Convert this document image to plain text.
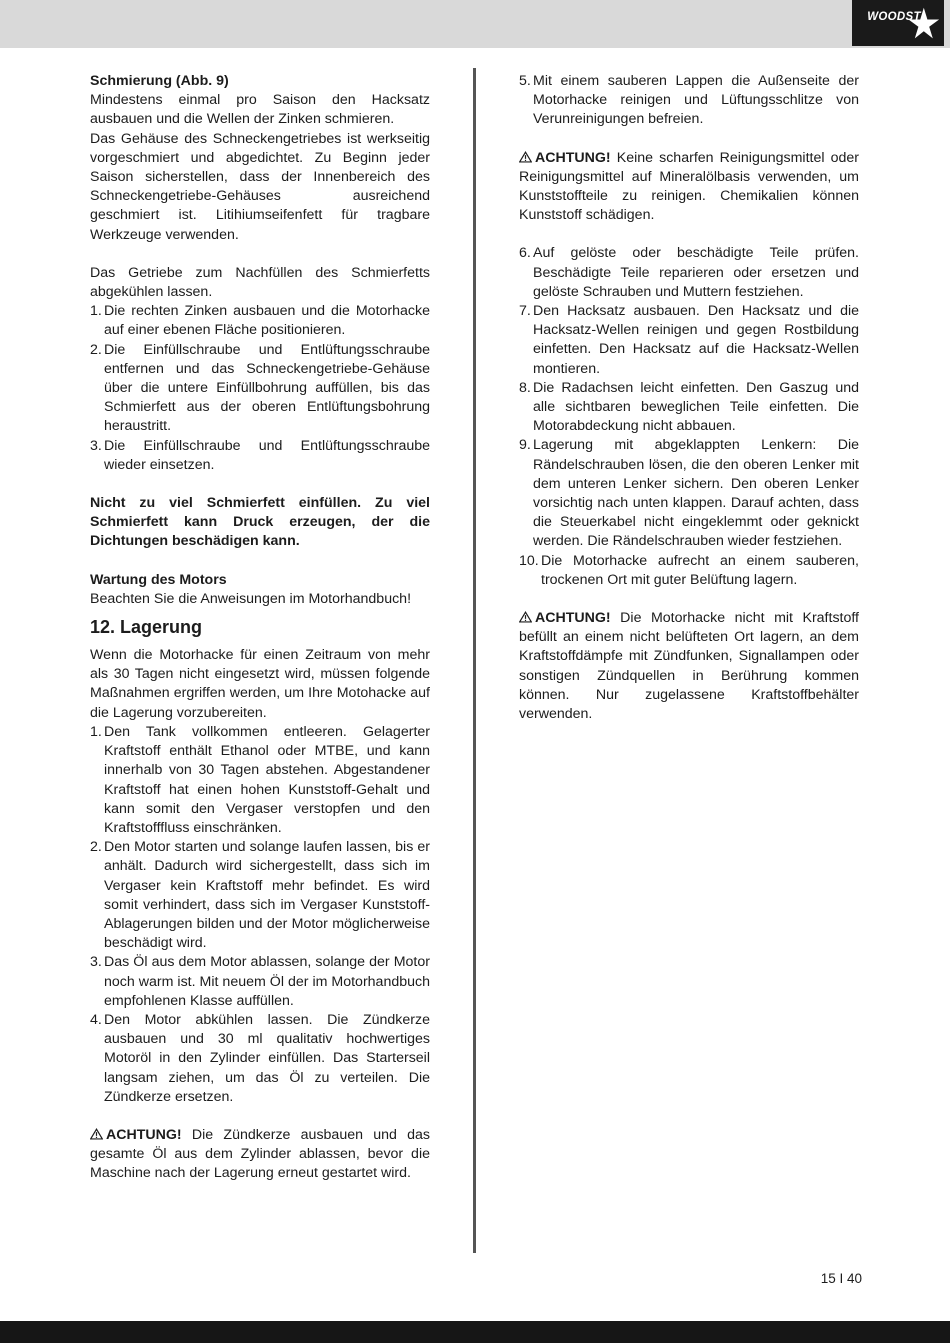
WOODST

Schmierung (Abb. 9)

Mindestens einmal pro Saison den Hacksatz ausbauen und die Wellen der Zinken schmieren.

Das Gehäuse des Schneckengetriebes ist werkseitig vorgeschmiert und abgedichtet. Zu Beginn jeder Saison sicherstellen, dass der Innenbereich des Schneckengetriebe-Gehäuses ausreichend geschmiert ist. Litihiumseifenfett für tragbare Werkzeuge verwenden.

Das Getriebe zum Nachfüllen des Schmierfetts abgekühlen lassen.

1. Die rechten Zinken ausbauen und die Motorhacke auf einer ebenen Fläche positionieren.
2. Die Einfüllschraube und Entlüftungsschraube entfernen und das Schneckengetriebe-Gehäuse über die untere Einfüllbohrung auffüllen, bis das Schmierfett aus der oberen Entlüftungsbohrung heraustritt.
3. Die Einfüllschraube und Entlüftungsschraube wieder einsetzen.

Nicht zu viel Schmierfett einfüllen. Zu viel Schmierfett kann Druck erzeugen, der die Dichtungen beschädigen kann.

Wartung des Motors

Beachten Sie die Anweisungen im Motorhandbuch!

12. Lagerung

Wenn die Motorhacke für einen Zeitraum von mehr als 30 Tagen nicht eingesetzt wird, müssen folgende Maßnahmen ergriffen werden, um Ihre Motohacke auf die Lagerung vorzubereiten.

1. Den Tank vollkommen entleeren. Gelagerter Kraftstoff enthält Ethanol oder MTBE, und kann innerhalb von 30 Tagen abstehen. Abgestandener Kraftstoff hat einen hohen Kunststoff-Gehalt und kann somit den Vergaser verstopfen und den Kraftstofffluss einschränken.
2. Den Motor starten und solange laufen lassen, bis er anhält. Dadurch wird sichergestellt, dass sich im Vergaser kein Kraftstoff mehr befindet. Es wird somit verhindert, dass sich im Vergaser Kunststoff-Ablagerungen bilden und der Motor möglicherweise beschädigt wird.
3. Das Öl aus dem Motor ablassen, solange der Motor noch warm ist. Mit neuem Öl der im Motorhandbuch empfohlenen Klasse auffüllen.
4. Den Motor abkühlen lassen. Die Zündkerze ausbauen und 30 ml qualitativ hochwertiges Motoröl in den Zylinder einfüllen. Das Starterseil langsam ziehen, um das Öl zu verteilen. Die Zündkerze ersetzen.

ACHTUNG! Die Zündkerze ausbauen und das gesamte Öl aus dem Zylinder ablassen, bevor die Maschine nach der Lagerung erneut gestartet wird.

5. Mit einem sauberen Lappen die Außenseite der Motorhacke reinigen und Lüftungsschlitze von Verunreinigungen befreien.

ACHTUNG! Keine scharfen Reinigungsmittel oder Reinigungsmittel auf Mineralölbasis verwenden, um Kunststoffteile zu reinigen. Chemikalien können Kunststoff schädigen.

6. Auf gelöste oder beschädigte Teile prüfen. Beschädigte Teile reparieren oder ersetzen und gelöste Schrauben und Muttern festziehen.
7. Den Hacksatz ausbauen. Den Hacksatz und die Hacksatz-Wellen reinigen und gegen Rostbildung einfetten. Den Hacksatz auf die Hacksatz-Wellen montieren.
8. Die Radachsen leicht einfetten. Den Gaszug und alle sichtbaren beweglichen Teile einfetten. Die Motorabdeckung nicht abbauen.
9. Lagerung mit abgeklappten Lenkern: Die Rändelschrauben lösen, die den oberen Lenker mit dem unteren Lenker sichern. Den oberen Lenker vorsichtig nach unten klappen. Darauf achten, dass die Steuerkabel nicht eingeklemmt oder geknickt werden. Die Rändelschrauben wieder festziehen.
10. Die Motorhacke aufrecht an einem sauberen, trockenen Ort mit guter Belüftung lagern.

ACHTUNG! Die Motorhacke nicht mit Kraftstoff befüllt an einem nicht belüfteten Ort lagern, an dem Kraftstoffdämpfe mit Zündfunken, Signallampen oder sonstigen Zündquellen in Berührung kommen können. Nur zugelassene Kraftstoffbehälter verwenden.

15 I 40
